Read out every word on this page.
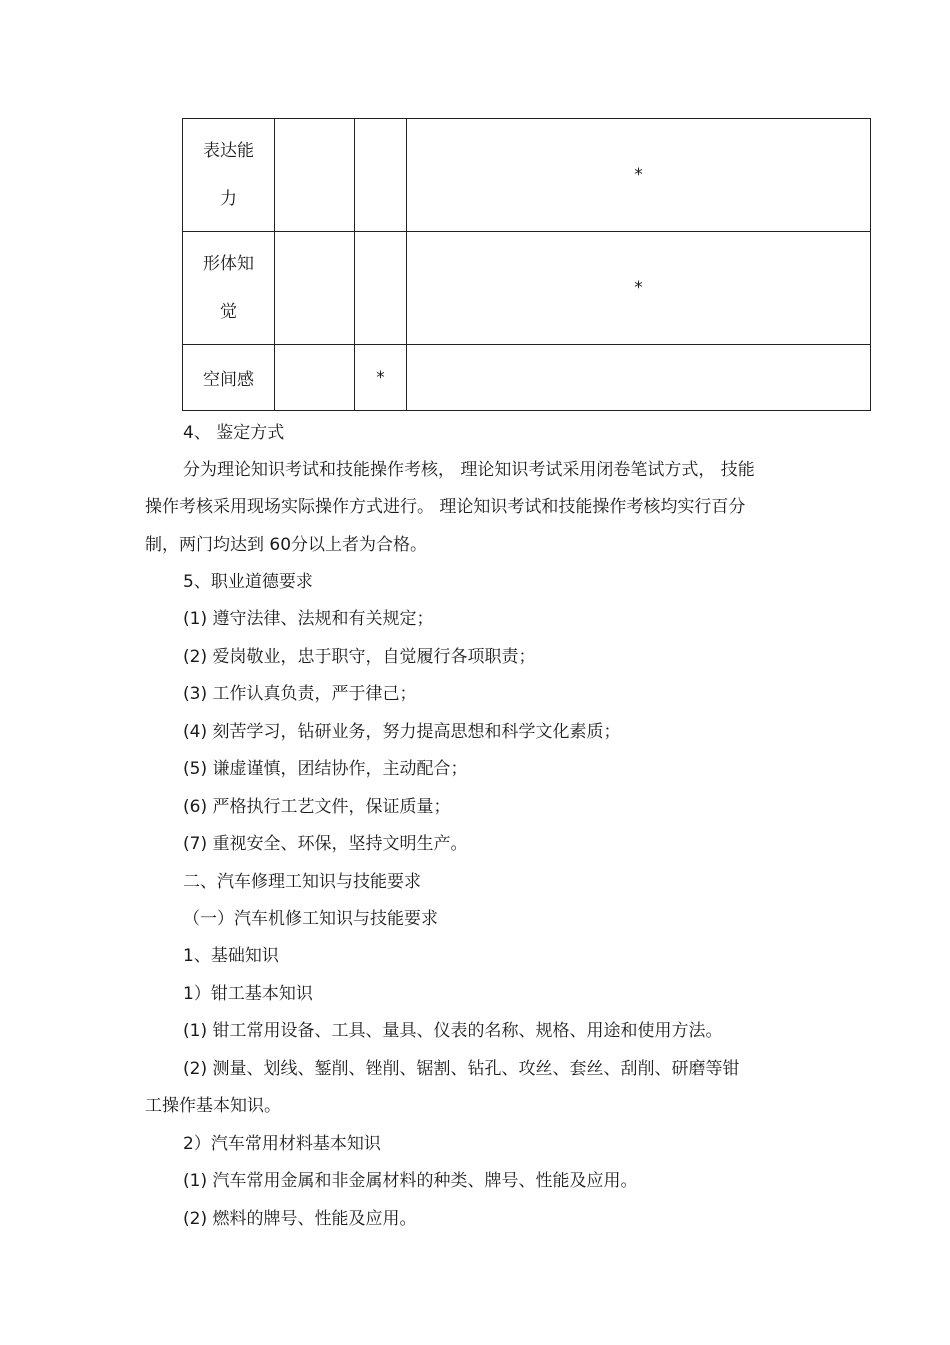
表达能
力			*

形体知
觉			*
空间感		*	
4、 鉴定方式
分为理论知识考试和技能操作考核， 理论知识考试采用闭卷笔试方式， 技能
操作考核采用现场实际操作方式进行。 理论知识考试和技能操作考核均实行百分
制，两门均达到 60分以上者为合格。
5、职业道德要求
(1) 遵守法律、法规和有关规定；
(2) 爱岗敬业，忠于职守，自觉履行各项职责；
(3) 工作认真负责，严于律己；
(4) 刻苦学习，钻研业务，努力提高思想和科学文化素质；
(5) 谦虚谨慎，团结协作，主动配合；
(6) 严格执行工艺文件，保证质量；
(7) 重视安全、环保，坚持文明生产。
二、汽车修理工知识与技能要求
（一）汽车机修工知识与技能要求
1、基础知识
1）钳工基本知识
(1) 钳工常用设备、工具、量具、仪表的名称、规格、用途和使用方法。
(2) 测量、划线、錾削、锉削、锯割、钻孔、攻丝、套丝、刮削、研磨等钳
工操作基本知识。
2）汽车常用材料基本知识
(1) 汽车常用金属和非金属材料的种类、牌号、性能及应用。
(2) 燃料的牌号、性能及应用。
